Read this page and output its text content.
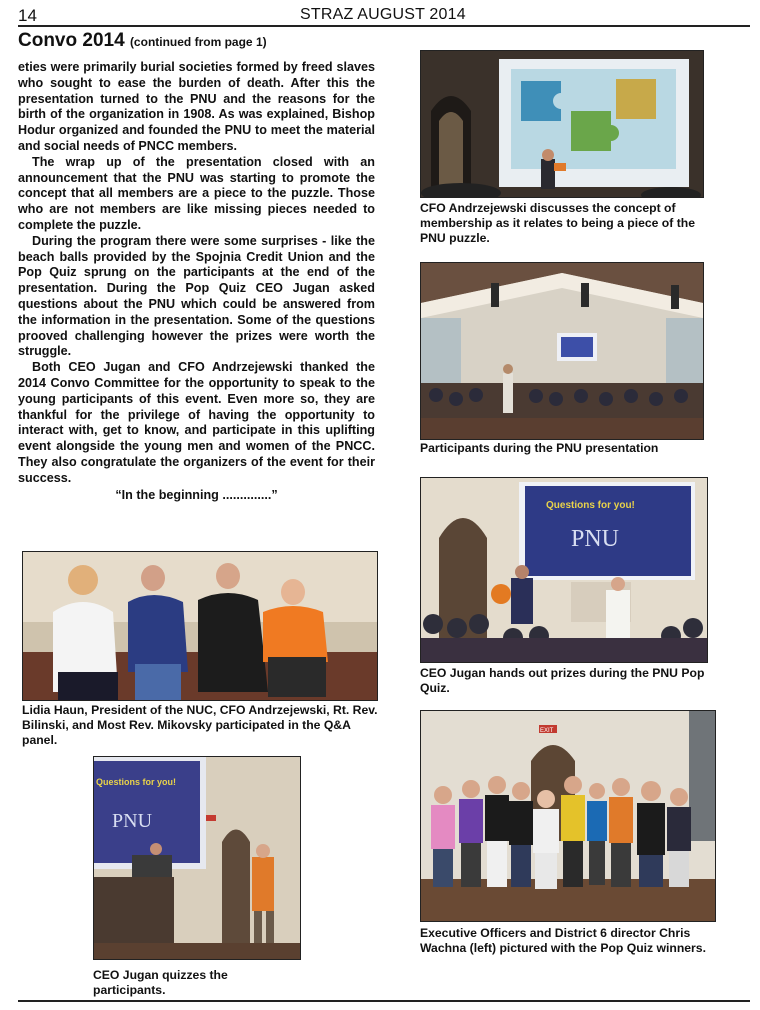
14	STRAZ AUGUST 2014
Convo 2014 (continued from page 1)

eties were primarily burial societies formed by freed slaves who sought to ease the burden of death. After this the presentation turned to the PNU and the reasons for the birth of the organization in 1908. As was explained, Bishop Hodur organized and founded the PNU to meet the material and social needs of PNCC members.

The wrap up of the presentation closed with an announcement that the PNU was starting to promote the concept that all members are a piece to the puzzle. Those who are not members are like missing pieces needed to complete the puzzle.

During the program there were some surprises - like the beach balls provided by the Spojnia Credit Union and the Pop Quiz sprung on the participants at the end of the presentation. During the Pop Quiz CEO Jugan asked questions about the PNU which could be answered from the information in the presentation. Some of the questions prooved challenging however the prizes were worth the struggle.

Both CEO Jugan and CFO Andrzejewski thanked the 2014 Convo Committee for the opportunity to speak to the young participants of this event. Even more so, they are thankful for the privilege of having the opportunity to interact with, get to know, and participate in this uplifting event alongside the young men and women of the PNCC. They also congratulate the organizers of the event for their success.

“In the beginning ..............”

CFO Andrzejewski discusses the concept of membership as it relates to being a piece of the PNU puzzle.
Participants during the PNU presentation
Lidia Haun, President of the NUC, CFO Andrzejewski, Rt. Rev. Bilinski, and Most Rev. Mikovsky participated in the Q&A panel.
Questions for you!
PNU
CEO Jugan hands out prizes during the PNU Pop Quiz.
Questions for you!
PNU
CEO Jugan quizzes the participants.
EXIT
Executive Officers and District 6 director Chris Wachna (left) pictured with the Pop Quiz winners.
